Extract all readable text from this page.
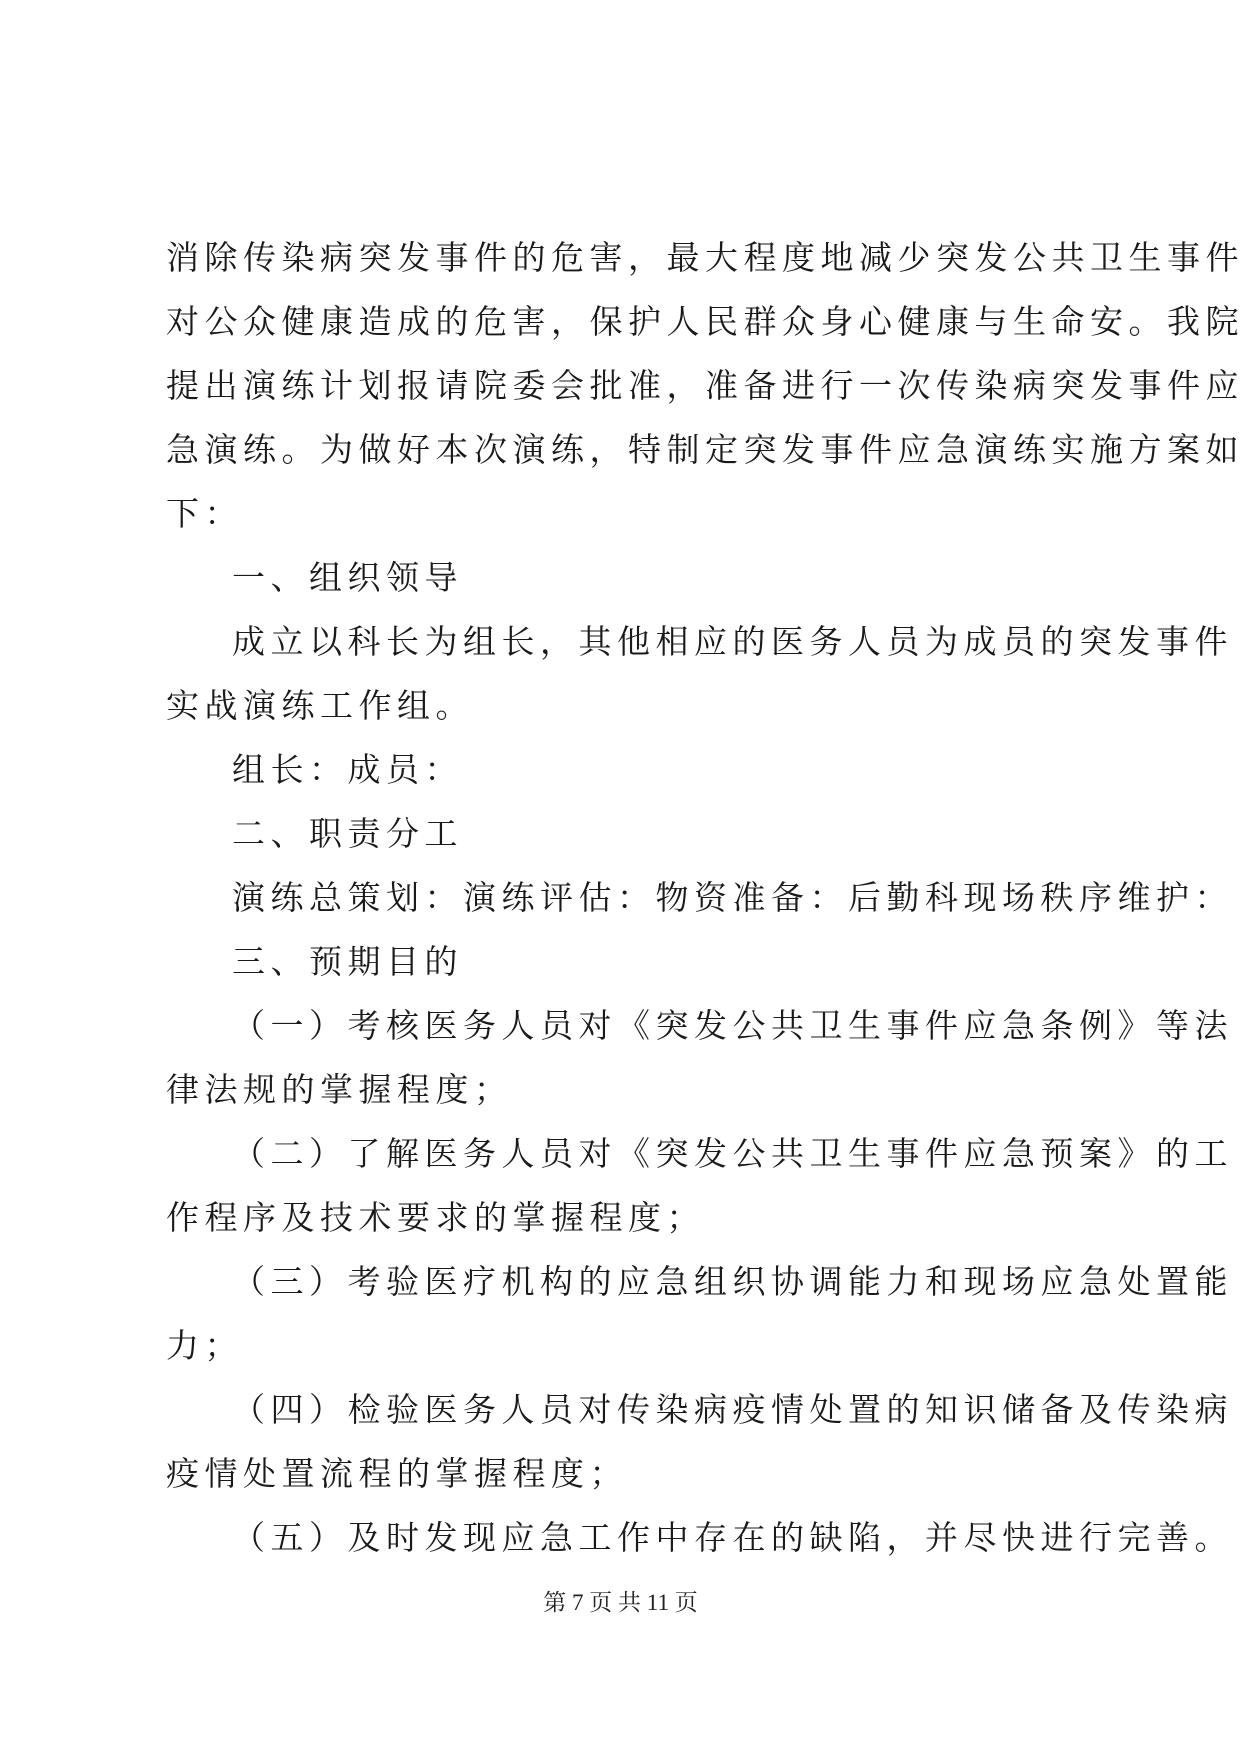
消除传染病突发事件的危害，最大程度地减少突发公共卫生事件
对公众健康造成的危害，保护人民群众身心健康与生命安。我院
提出演练计划报请院委会批准，准备进行一次传染病突发事件应
急演练。为做好本次演练，特制定突发事件应急演练实施方案如
下：
一、组织领导
成立以科长为组长，其他相应的医务人员为成员的突发事件
实战演练工作组。
组长：成员：
二、职责分工
演练总策划：演练评估：物资准备：后勤科现场秩序维护：
三、预期目的
（一）考核医务人员对《突发公共卫生事件应急条例》等法
律法规的掌握程度；
（二）了解医务人员对《突发公共卫生事件应急预案》的工
作程序及技术要求的掌握程度；
（三）考验医疗机构的应急组织协调能力和现场应急处置能
力；
（四）检验医务人员对传染病疫情处置的知识储备及传染病
疫情处置流程的掌握程度；
（五）及时发现应急工作中存在的缺陷，并尽快进行完善。
第 7 页 共 11 页
